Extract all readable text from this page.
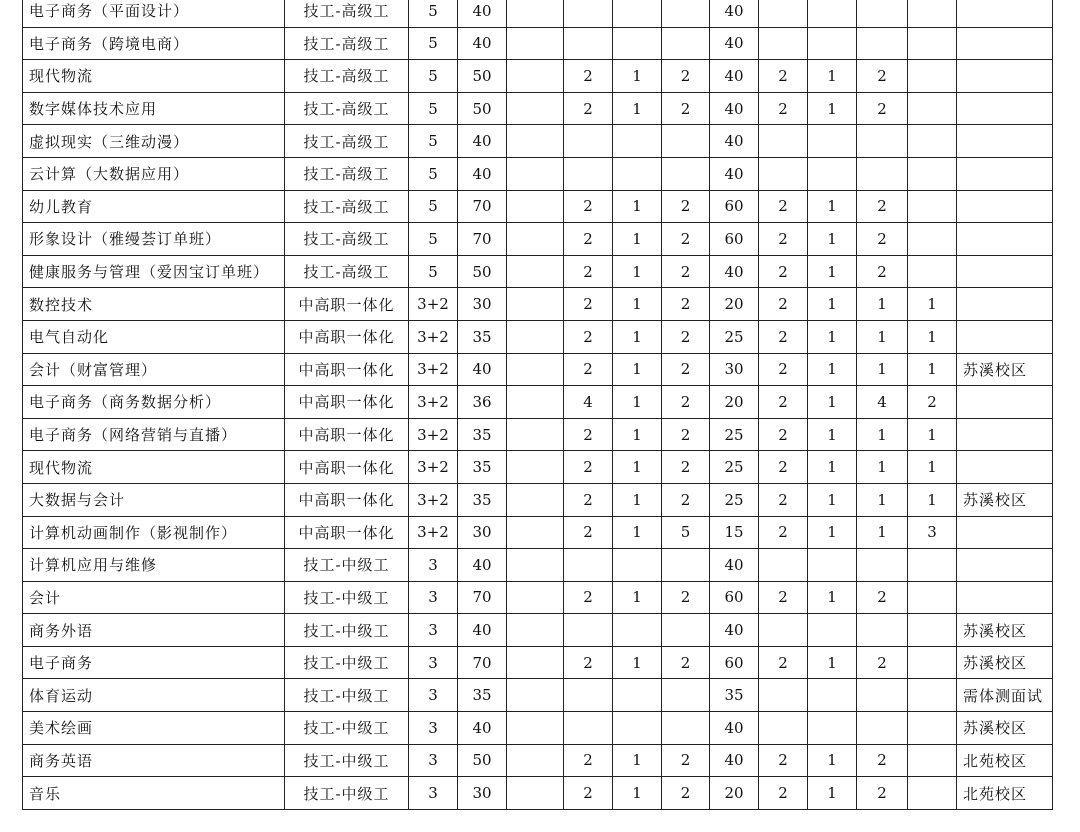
电子商务（平面设计）	技工-高级工	5	40					40					
电子商务（跨境电商）	技工-高级工	5	40					40					
现代物流	技工-高级工	5	50		2	1	2	40	2	1	2		
数字媒体技术应用	技工-高级工	5	50		2	1	2	40	2	1	2		
虚拟现实（三维动漫）	技工-高级工	5	40					40					
云计算（大数据应用）	技工-高级工	5	40					40					
幼儿教育	技工-高级工	5	70		2	1	2	60	2	1	2		
形象设计（雅缦荟订单班）	技工-高级工	5	70		2	1	2	60	2	1	2		
健康服务与管理（爱因宝订单班）	技工-高级工	5	50		2	1	2	40	2	1	2		
数控技术	中高职一体化	3+2	30		2	1	2	20	2	1	1	1	
电气自动化	中高职一体化	3+2	35		2	1	2	25	2	1	1	1	
会计（财富管理）	中高职一体化	3+2	40		2	1	2	30	2	1	1	1	苏溪校区
电子商务（商务数据分析）	中高职一体化	3+2	36		4	1	2	20	2	1	4	2	
电子商务（网络营销与直播）	中高职一体化	3+2	35		2	1	2	25	2	1	1	1	
现代物流	中高职一体化	3+2	35		2	1	2	25	2	1	1	1	
大数据与会计	中高职一体化	3+2	35		2	1	2	25	2	1	1	1	苏溪校区
计算机动画制作（影视制作）	中高职一体化	3+2	30		2	1	5	15	2	1	1	3	
计算机应用与维修	技工-中级工	3	40					40					
会计	技工-中级工	3	70		2	1	2	60	2	1	2		
商务外语	技工-中级工	3	40					40					苏溪校区
电子商务	技工-中级工	3	70		2	1	2	60	2	1	2		苏溪校区
体育运动	技工-中级工	3	35					35					需体测面试
美术绘画	技工-中级工	3	40					40					苏溪校区
商务英语	技工-中级工	3	50		2	1	2	40	2	1	2		北苑校区
音乐	技工-中级工	3	30		2	1	2	20	2	1	2		北苑校区
